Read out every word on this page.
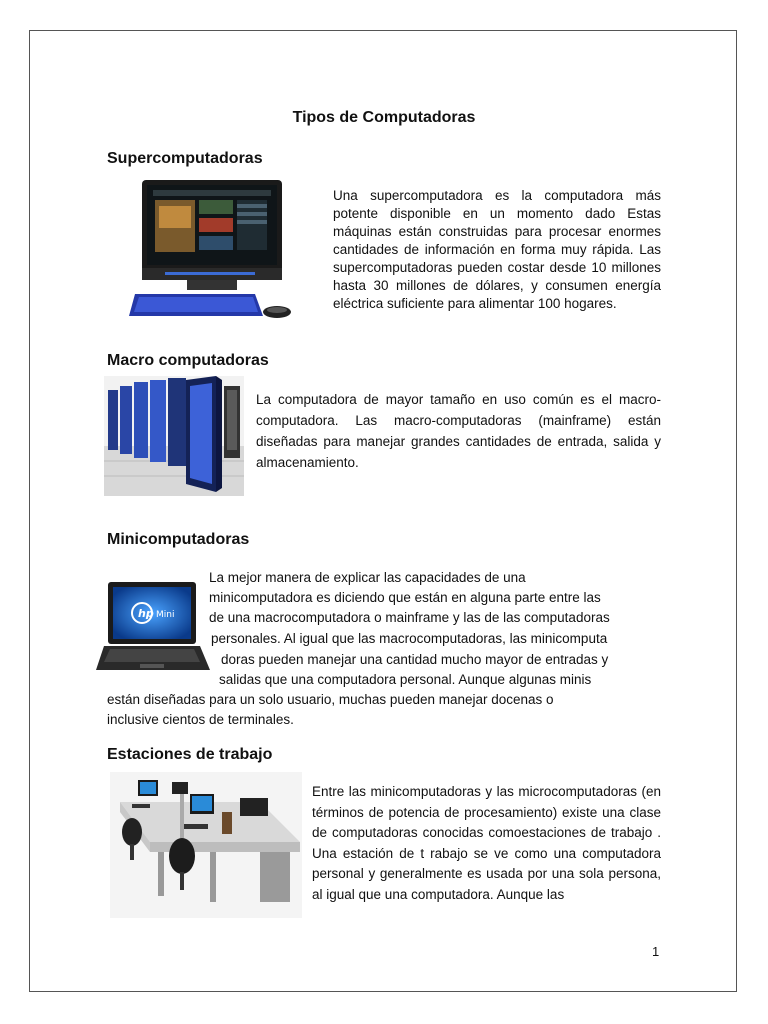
Tipos de Computadoras
Supercomputadoras
Una supercomputadora es la computadora más potente disponible en un momento dado Estas máquinas están construidas para procesar enormes cantidades de información en forma muy rápida. Las supercomputadoras pueden costar desde 10 millones hasta 30 millones de dólares, y consumen energía eléctrica suficiente para alimentar 100 hogares.
Macro computadoras
La computadora de mayor tamaño en uso común es el macro-computadora. Las macro-computadoras (mainframe) están diseñadas para manejar grandes cantidades de entrada, salida y almacenamiento.
Minicomputadoras
hp Mini
La mejor manera de explicar las capacidades de una
minicomputadora es diciendo que están en alguna parte entre las
de una macrocomputadora o mainframe y las de las computadoras
personales. Al igual que las macrocomputadoras, las minicomputa
doras pueden manejar una cantidad mucho mayor de entradas y
salidas que una computadora personal. Aunque algunas minis
están diseñadas para un solo usuario, muchas pueden manejar docenas o
inclusive cientos de terminales.
Estaciones de trabajo
Entre las minicomputadoras y las microcomputadoras (en términos de potencia de procesamiento) existe una clase de computadoras conocidas comoestaciones de trabajo . Una estación de t rabajo se ve como una computadora personal y generalmente es usada por una sola persona, al igual que una computadora. Aunque las
1
